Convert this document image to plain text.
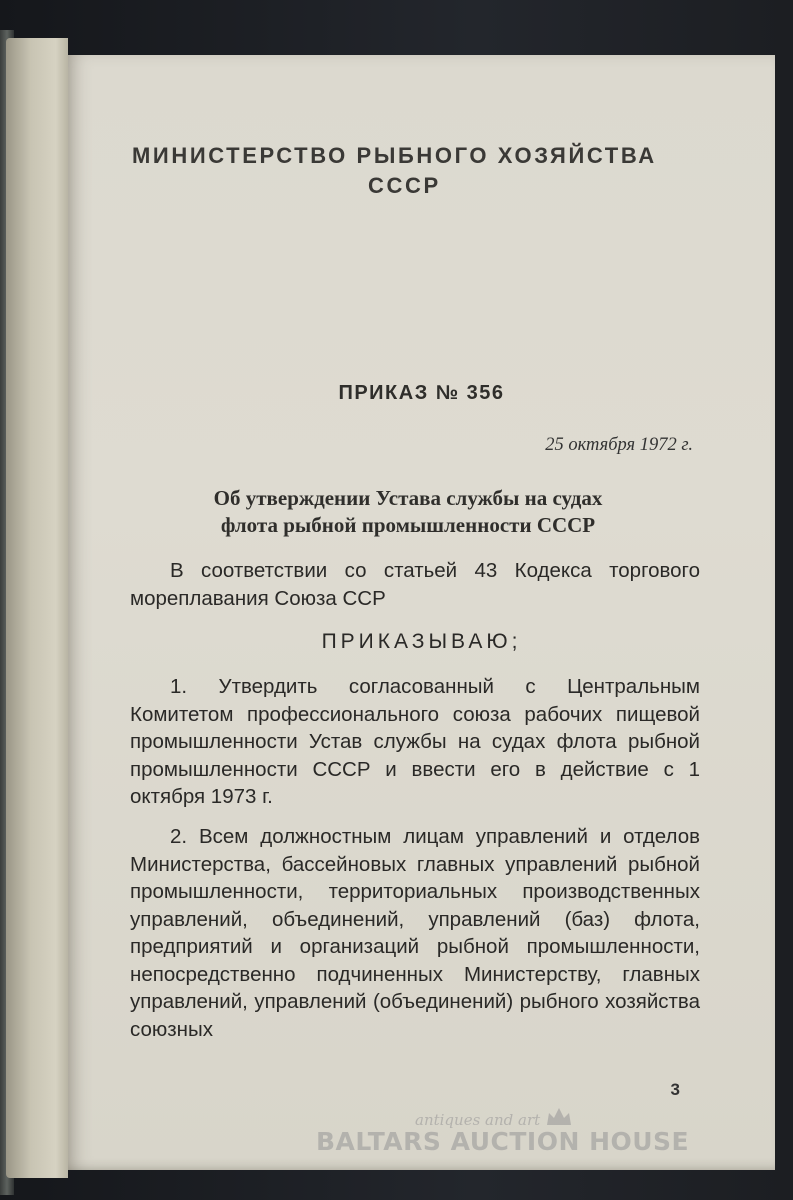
МИНИСТЕРСТВО РЫБНОГО ХОЗЯЙСТВА
СССР
ПРИКАЗ № 356
25 октября 1972 г.
Об утверждении Устава службы на судах
флота рыбной промышленности СССР
В соответствии со статьей 43 Кодекса торгового мореплавания Союза ССР
ПРИКАЗЫВАЮ;
1. Утвердить согласованный с Центральным Комитетом профессионального союза рабочих пищевой промышленности Устав службы на судах флота рыбной промышленности СССР и ввести его в действие с 1 октября 1973 г.
2. Всем должностным лицам управлений и отделов Министерства, бассейновых главных управлений рыбной промышленности, территориальных производственных управлений, объединений, управлений (баз) флота, предприятий и организаций рыбной промышленности, непосредственно подчиненных Министерству, главных управлений, управлений (объединений) рыбного хозяйства союзных
3
antiques and art
BALTARS AUCTION HOUSE
